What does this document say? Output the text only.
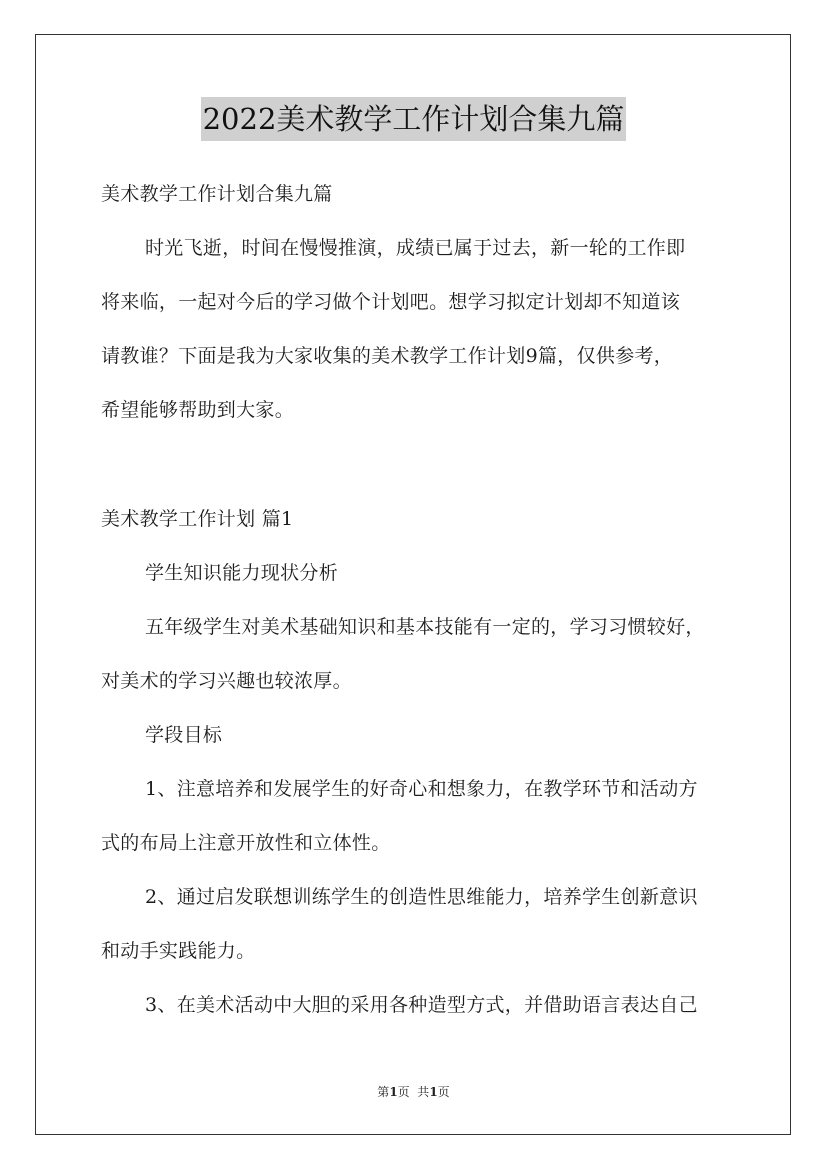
2022美术教学工作计划合集九篇
美术教学工作计划合集九篇
时光飞逝，时间在慢慢推演，成绩已属于过去，新一轮的工作即
将来临，一起对今后的学习做个计划吧。想学习拟定计划却不知道该
请教谁？下面是我为大家收集的美术教学工作计划9篇，仅供参考，
希望能够帮助到大家。
美术教学工作计划 篇1
学生知识能力现状分析
五年级学生对美术基础知识和基本技能有一定的，学习习惯较好，
对美术的学习兴趣也较浓厚。
学段目标
1、注意培养和发展学生的好奇心和想象力，在教学环节和活动方
式的布局上注意开放性和立体性。
2、通过启发联想训练学生的创造性思维能力，培养学生创新意识
和动手实践能力。
3、在美术活动中大胆的采用各种造型方式，并借助语言表达自己
第1页  共1页
